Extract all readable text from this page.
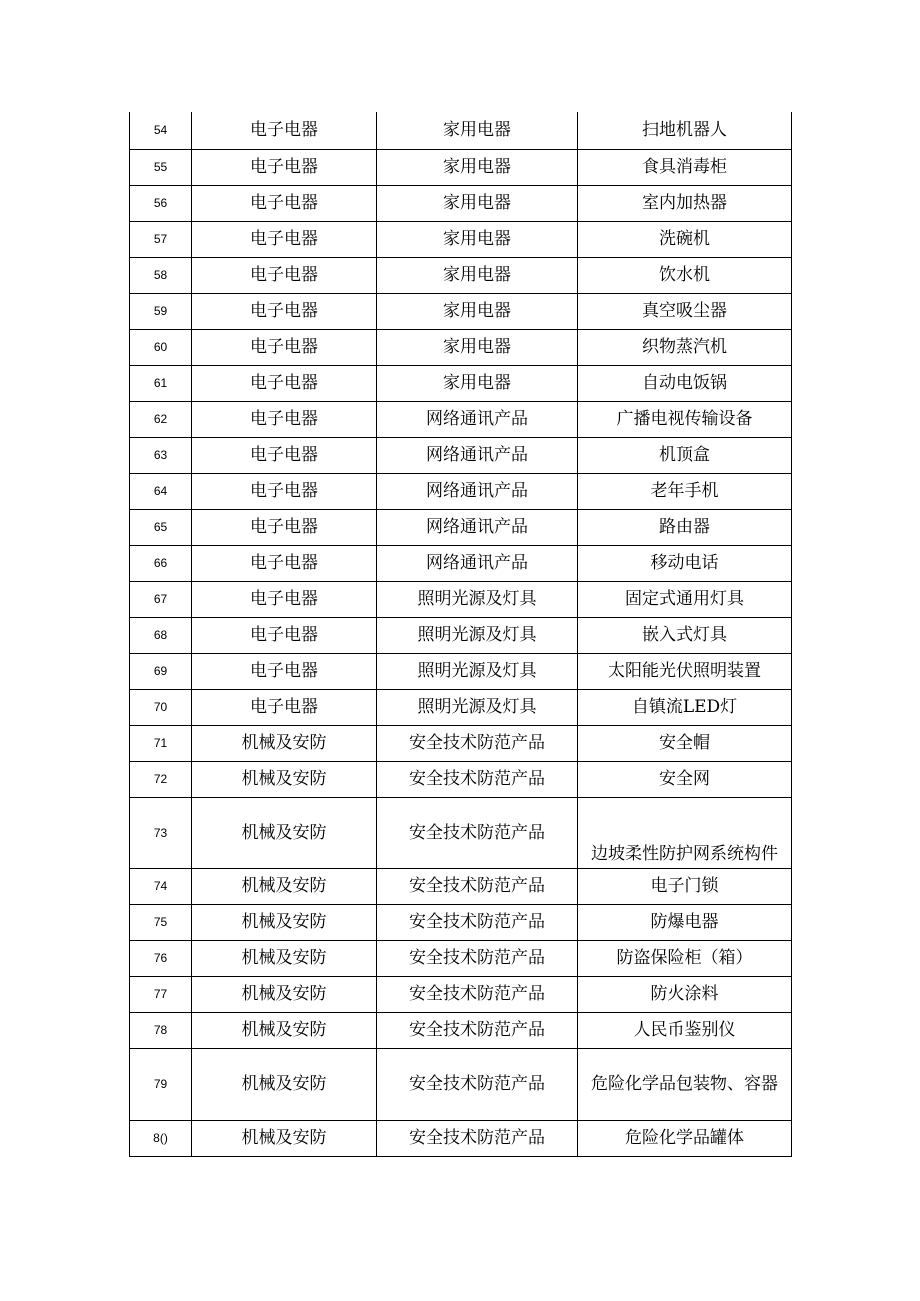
54	电子电器	家用电器	扫地机器人
55	电子电器	家用电器	食具消毒柜
56	电子电器	家用电器	室内加热器
57	电子电器	家用电器	洗碗机
58	电子电器	家用电器	饮水机
59	电子电器	家用电器	真空吸尘器
60	电子电器	家用电器	织物蒸汽机
61	电子电器	家用电器	自动电饭锅
62	电子电器	网络通讯产品	广播电视传输设备
63	电子电器	网络通讯产品	机顶盒
64	电子电器	网络通讯产品	老年手机
65	电子电器	网络通讯产品	路由器
66	电子电器	网络通讯产品	移动电话
67	电子电器	照明光源及灯具	固定式通用灯具
68	电子电器	照明光源及灯具	嵌入式灯具
69	电子电器	照明光源及灯具	太阳能光伏照明装置
70	电子电器	照明光源及灯具	自镇流LED灯
71	机械及安防	安全技术防范产品	安全帽
72	机械及安防	安全技术防范产品	安全网
73	机械及安防	安全技术防范产品	边坡柔性防护网系统构件
74	机械及安防	安全技术防范产品	电子门锁
75	机械及安防	安全技术防范产品	防爆电器
76	机械及安防	安全技术防范产品	防盗保险柜（箱）
77	机械及安防	安全技术防范产品	防火涂料
78	机械及安防	安全技术防范产品	人民币鉴别仪
79	机械及安防	安全技术防范产品	危险化学品包装物、容器
8()	机械及安防	安全技术防范产品	危险化学品罐体
